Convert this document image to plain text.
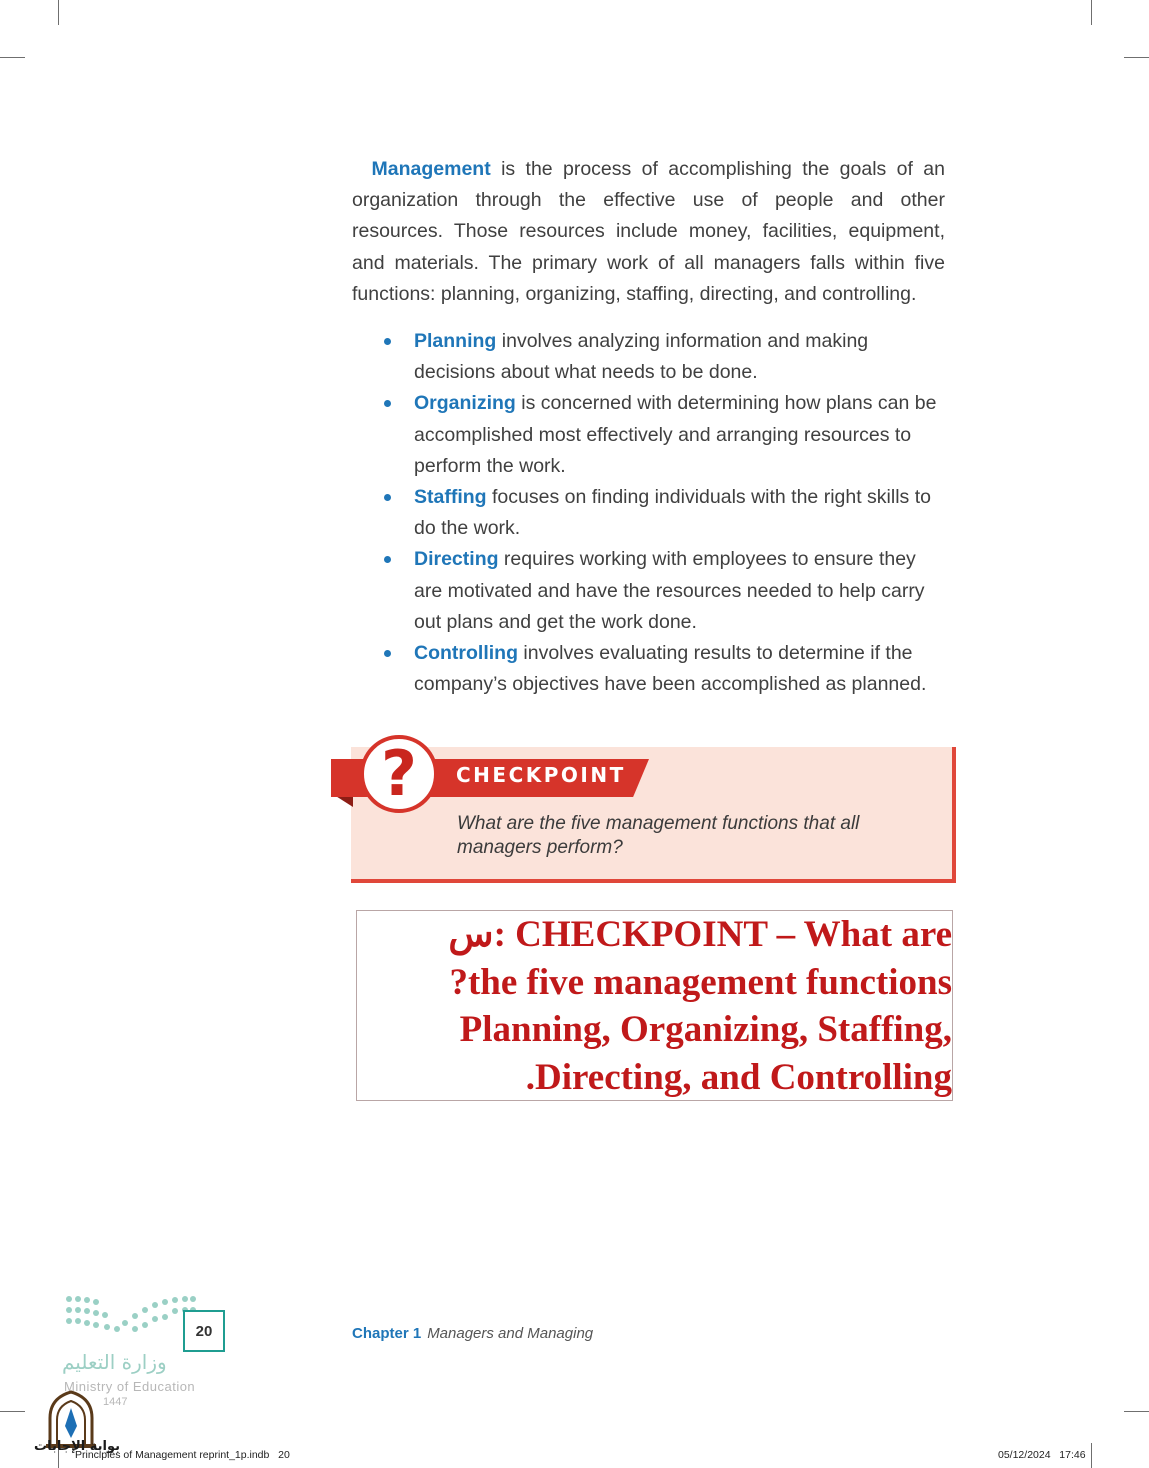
 Management is the process of accomplishing the goals of an organization through the effective use of people and other resources. Those resources include money, facilities, equipment, and materials. The primary work of all managers falls within five functions: planning, organizing, staffing, directing, and controlling.

Planning involves analyzing information and making decisions about what needs to be done.
Organizing is concerned with determining how plans can be accomplished most effectively and arranging resources to perform the work.
Staffing focuses on finding individuals with the right skills to do the work.
Directing requires working with employees to ensure they are motivated and have the resources needed to help carry out plans and get the work done.
Controlling involves evaluating results to determine if the company’s objectives have been accomplished as planned.
? CHECKPOINT
What are the five management functions that all managers perform?
س: CHECKPOINT – What are
?the five management functions
Planning, Organizing, Staffing,
.Directing, and Controlling
وزارة التعليم
Ministry of Education
1447
20	Chapter 1 Managers and Managing
بوابة الإجابات
Principles of Management reprint_1p.indb   20	05/12/2024   17:46
